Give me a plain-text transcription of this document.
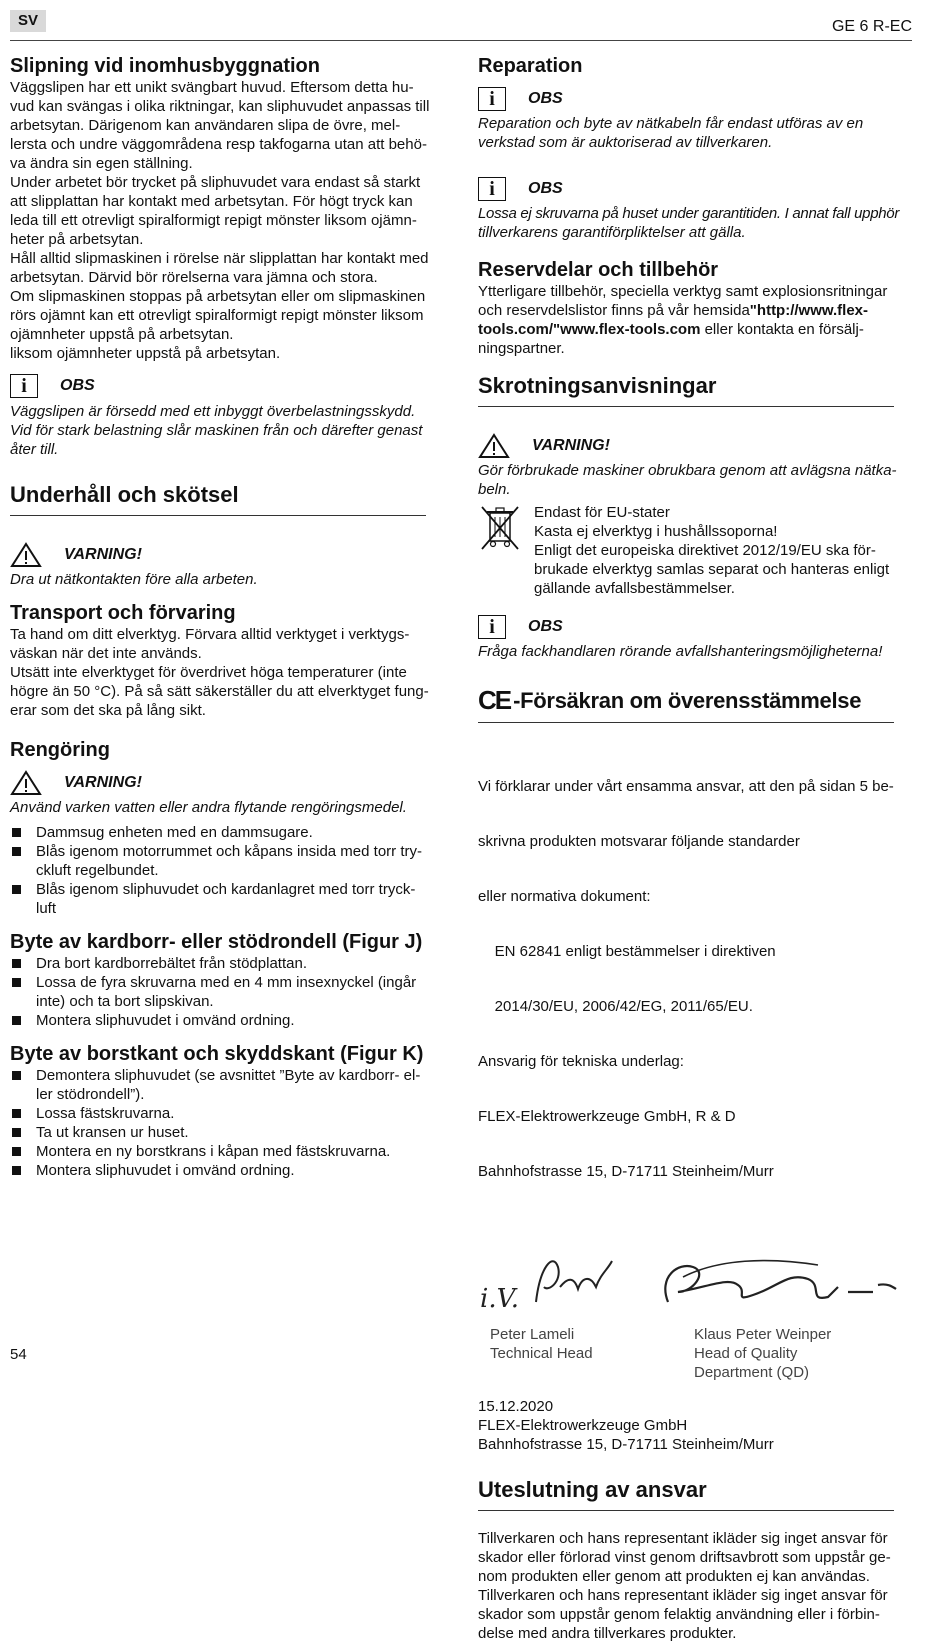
SV	GE 6 R-EC
Slipning vid inomhusbyggnation

Väggslipen har ett unikt svängbart huvud. Eftersom detta hu-

vud kan svängas i olika riktningar, kan sliphuvudet anpassas till

arbetsytan. Därigenom kan användaren slipa de övre, mel-

lersta och undre väggområdena resp takfogarna utan att behö-

va ändra sin egen ställning.

Under arbetet bör trycket på sliphuvudet vara endast så starkt

att slipplattan har kontakt med arbetsytan. För högt tryck kan

leda till ett otrevligt spiralformigt repigt mönster liksom ojämn-

heter på arbetsytan.

Håll alltid slipmaskinen i rörelse när slipplattan har kontakt med

arbetsytan. Därvid bör rörelserna vara jämna och stora.

Om slipmaskinen stoppas på arbetsytan eller om slipmaskinen

rörs ojämnt kan ett otrevligt spiralformigt repigt mönster liksom

ojämnheter uppstå på arbetsytan.

liksom ojämnheter uppstå på arbetsytan.

i	OBS

Väggslipen är försedd med ett inbyggt överbelastningsskydd.

Vid för stark belastning slår maskinen från och därefter genast

åter till.

Underhåll och skötsel
VARNING!

Dra ut nätkontakten före alla arbeten.

Transport och förvaring

Ta hand om ditt elverktyg. Förvara alltid verktyget i verktygs-

väskan när det inte används.

Utsätt inte elverktyget för överdrivet höga temperaturer (inte

högre än 50 °C). På så sätt säkerställer du att elverktyget fung-

erar som det ska på lång sikt.

Rengöring
VARNING!

Använd varken vatten eller andra flytande rengöringsmedel.

Dammsug enheten med en dammsugare.
Blås igenom motorrummet och kåpans insida med torr try-
ckluft regelbundet.
Blås igenom sliphuvudet och kardanlagret med torr tryck-
luft
Byte av kardborr- eller stödrondell (Figur J)
Dra bort kardborrebältet från stödplattan.
Lossa de fyra skruvarna med en 4 mm insexnyckel (ingår
inte) och ta bort slipskivan.
Montera sliphuvudet i omvänd ordning.
Byte av borstkant och skyddskant (Figur K)
Demontera sliphuvudet (se avsnittet ”Byte av kardborr- el-
ler stödrondell”).
Lossa fästskruvarna.
Ta ut kransen ur huset.
Montera en ny borstkrans i kåpan med fästskruvarna.
Montera sliphuvudet i omvänd ordning.
Reparation
i	OBS

Reparation och byte av nätkabeln får endast utföras av en

verkstad som är auktoriserad av tillverkaren.

i	OBS

Lossa ej skruvarna på huset under garantitiden. I annat fall upphör

tillverkarens garantiförpliktelser att gälla.

Reservdelar och tillbehör

Ytterligare tillbehör, speciella verktyg samt explosionsritningar

och reservdelslistor finns på vår hemsida"http://www.flex-

tools.com/"www.flex-tools.com eller kontakta en försälj-

ningspartner.

Skrotningsanvisningar
VARNING!

Gör förbrukade maskiner obrukbara genom att avlägsna nätka-

beln.

Endast för EU-stater

Kasta ej elverktyg i hushållssoporna!

Enligt det europeiska direktivet 2012/19/EU ska för-

brukade elverktyg samlas separat och hanteras enligt

gällande avfallsbestämmelser.

i	OBS

Fråga fackhandlaren rörande avfallshanteringsmöjligheterna!

CE -Försäkran om överensstämmelse

Vi förklarar under vårt ensamma ansvar, att den på sidan 5 be-

skrivna produkten motsvarar följande standarder

eller normativa dokument:

EN 62841 enligt bestämmelser i direktiven

2014/30/EU, 2006/42/EG, 2011/65/EU.

Ansvarig för tekniska underlag:

FLEX-Elektrowerkzeuge GmbH, R & D

Bahnhofstrasse 15, D-71711 Steinheim/Murr

i.V.
Peter Lameli
Technical Head
Klaus Peter Weinper
Head of Quality
Department (QD)

15.12.2020

FLEX-Elektrowerkzeuge GmbH

Bahnhofstrasse 15, D-71711 Steinheim/Murr

Uteslutning av ansvar

Tillverkaren och hans representant ikläder sig inget ansvar för

skador eller förlorad vinst genom driftsavbrott som uppstår ge-

nom produkten eller genom att produkten ej kan användas.

Tillverkaren och hans representant ikläder sig inget ansvar för

skador som uppstår genom felaktig användning eller i förbin-

delse med andra tillverkares produkter.

54
